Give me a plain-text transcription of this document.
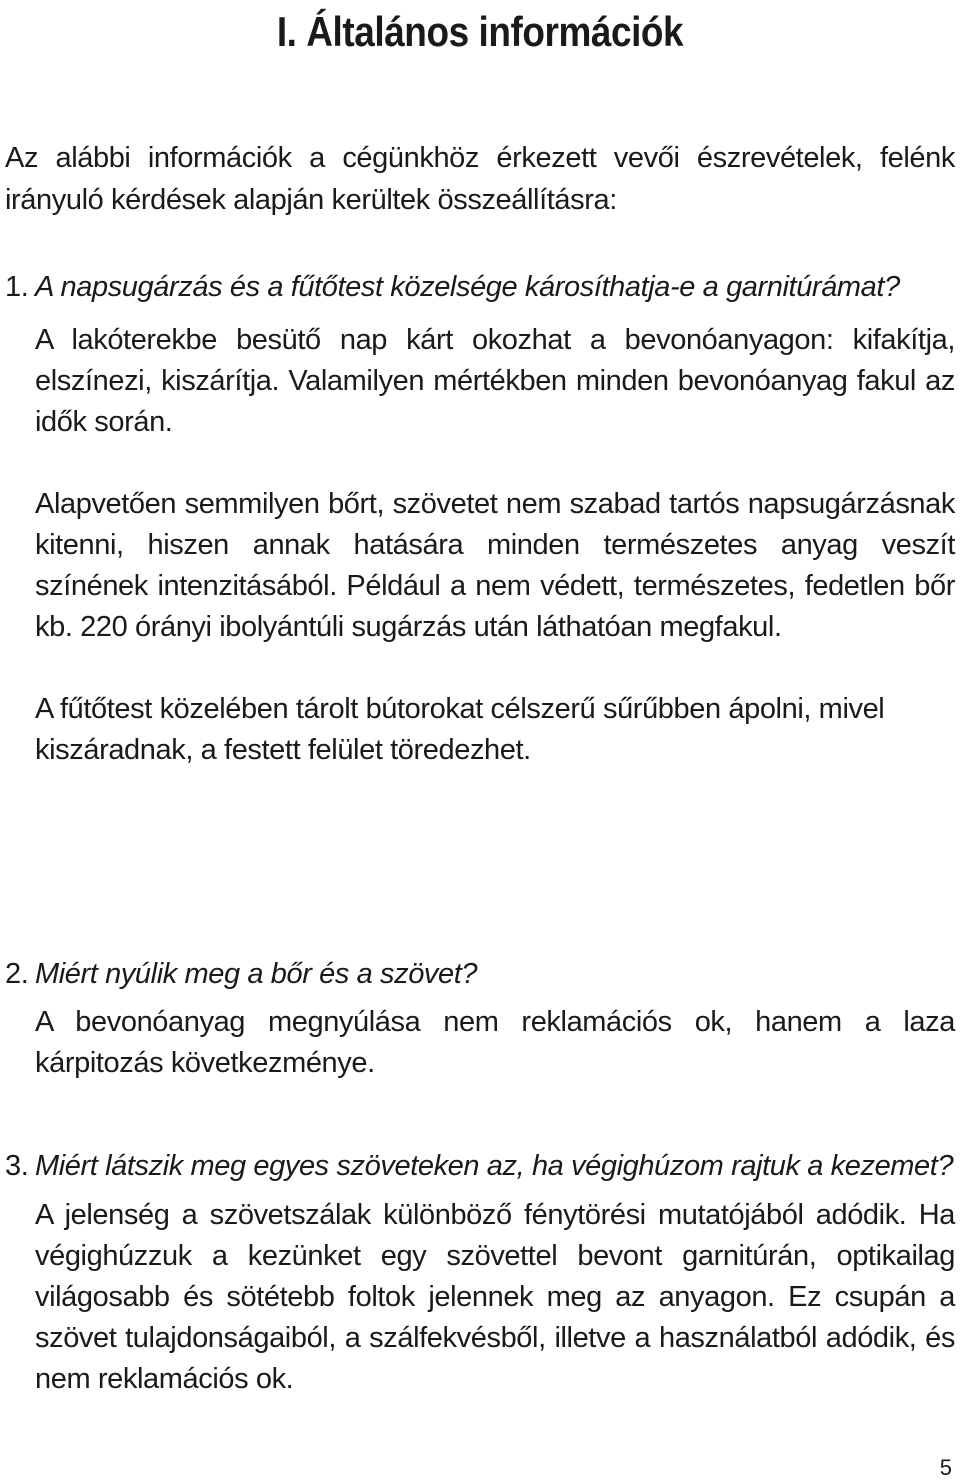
I. Általános információk

Az alábbi információk a cégünkhöz érkezett vevői észrevételek, felénk irányuló kérdések alapján kerültek összeállításra:

1. A napsugárzás és a fűtőtest közelsége károsíthatja-e a garnitúrámat?

A lakóterekbe besütő nap kárt okozhat a bevonóanyagon: kifakítja, elszínezi, kiszárítja. Valamilyen mértékben minden bevonóanyag fakul az idők során.

Alapvetően semmilyen bőrt, szövetet nem szabad tartós napsugárzásnak kitenni, hiszen annak hatására minden természetes anyag veszít színének intenzitásából. Például a nem védett, természetes, fedetlen bőr kb. 220 órányi ibolyántúli sugárzás után láthatóan megfakul.

A fűtőtest közelében tárolt bútorokat célszerű sűrűbben ápolni, mivel kiszáradnak, a festett felület töredezhet.

2. Miért nyúlik meg a bőr és a szövet?

A bevonóanyag megnyúlása nem reklamációs ok, hanem a laza kárpitozás következménye.

3. Miért látszik meg egyes szöveteken az, ha végighúzom rajtuk a kezemet?

A jelenség a szövetszálak különböző fénytörési mutatójából adódik. Ha végighúzzuk a kezünket egy szövettel bevont garnitúrán, optikailag világosabb és sötétebb foltok jelennek meg az anyagon. Ez csupán a szövet tulajdonságaiból, a szálfekvésből, illetve a használatból adódik, és nem reklamációs ok.

5
